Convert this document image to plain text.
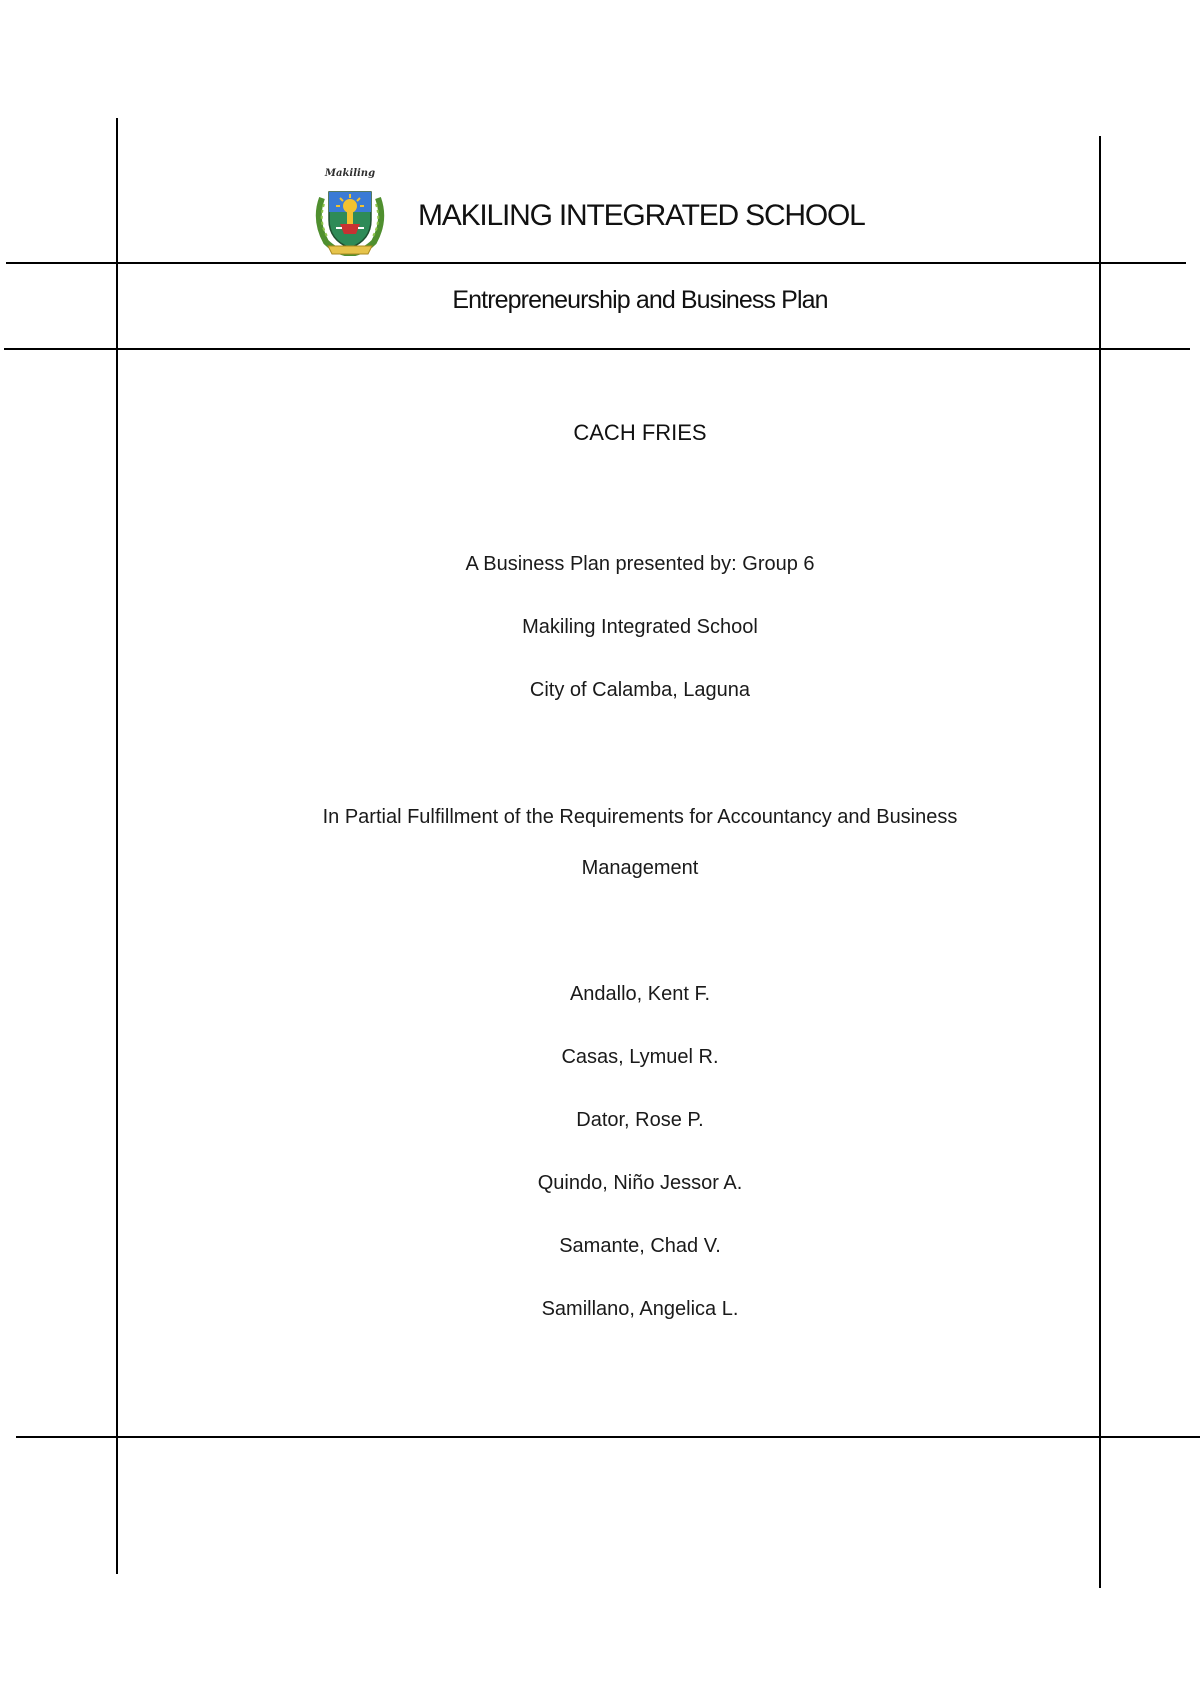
Makiling
MAKILING INTEGRATED SCHOOL
Entrepreneurship and Business Plan
CACH FRIES
A Business Plan presented by: Group 6
Makiling Integrated School
City of Calamba, Laguna
In Partial Fulfillment of the Requirements for Accountancy and Business
Management
Andallo, Kent F.
Casas, Lymuel R.
Dator, Rose P.
Quindo, Niño Jessor A.
Samante, Chad V.
Samillano, Angelica L.
